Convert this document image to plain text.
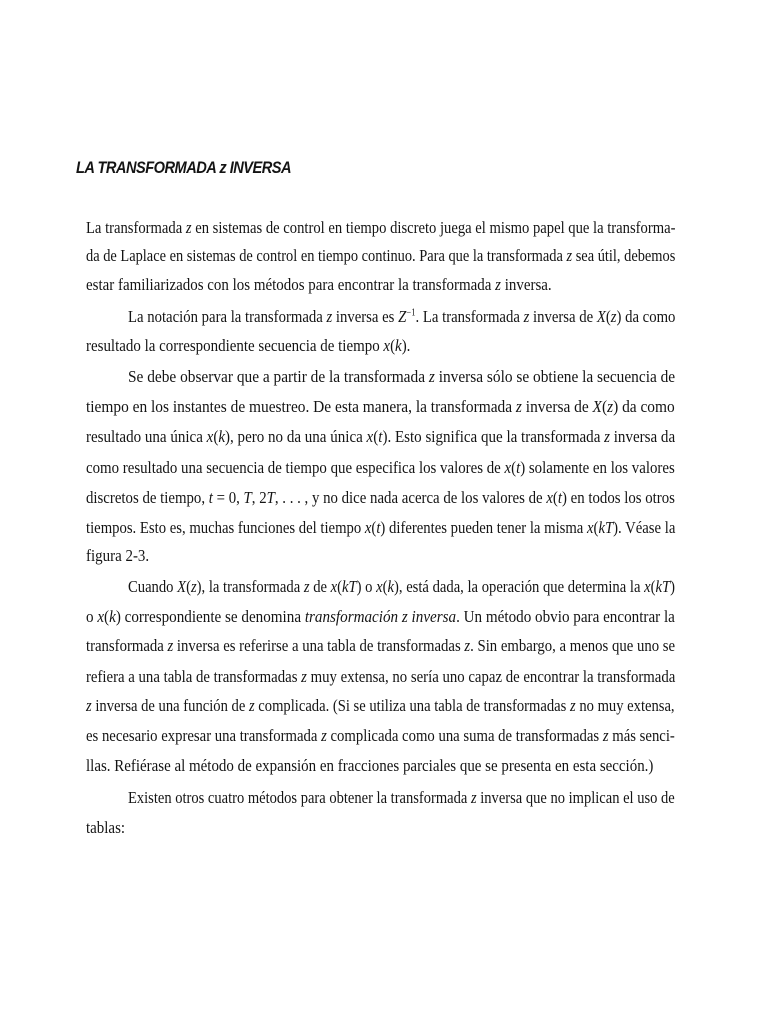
LA TRANSFORMADA z INVERSA

La transformada z en sistemas de control en tiempo discreto juega el mismo papel que la transforma-

da de Laplace en sistemas de control en tiempo continuo. Para que la transformada z sea útil, debemos

estar familiarizados con los métodos para encontrar la transformada z inversa.

La notación para la transformada z inversa es $Z^{-1}$. La transformada z inversa de X(z) da como

resultado la correspondiente secuencia de tiempo x(k).

Se debe observar que a partir de la transformada z inversa sólo se obtiene la secuencia de

tiempo en los instantes de muestreo. De esta manera, la transformada z inversa de X(z) da como

resultado una única x(k), pero no da una única x(t). Esto significa que la transformada z inversa da

como resultado una secuencia de tiempo que especifica los valores de x(t) solamente en los valores

discretos de tiempo, t = 0, T, 2T, . . . , y no dice nada acerca de los valores de x(t) en todos los otros

tiempos. Esto es, muchas funciones del tiempo x(t) diferentes pueden tener la misma x(kT). Véase la

figura 2-3.

Cuando X(z), la transformada z de x(kT) o x(k), está dada, la operación que determina la x(kT)

o x(k) correspondiente se denomina transformación z inversa. Un método obvio para encontrar la

transformada z inversa es referirse a una tabla de transformadas z. Sin embargo, a menos que uno se

refiera a una tabla de transformadas z muy extensa, no sería uno capaz de encontrar la transformada

z inversa de una función de z complicada. (Si se utiliza una tabla de transformadas z no muy extensa,

es necesario expresar una transformada z complicada como una suma de transformadas z más senci-

llas. Refiérase al método de expansión en fracciones parciales que se presenta en esta sección.)

Existen otros cuatro métodos para obtener la transformada z inversa que no implican el uso de

tablas:
